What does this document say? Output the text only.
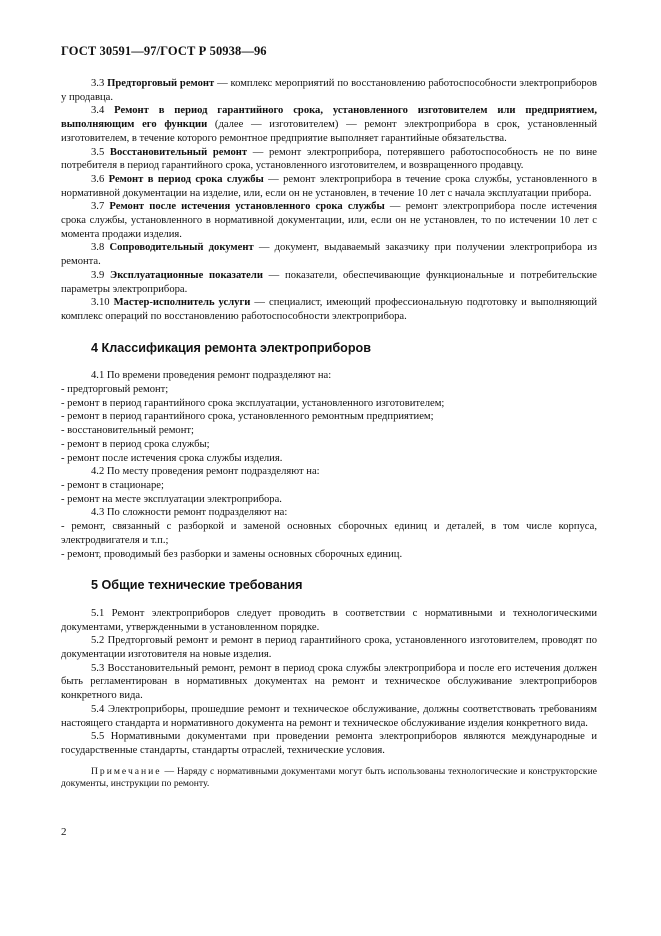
ГОСТ 30591—97/ГОСТ Р 50938—96

3.3 Предторговый ремонт — комплекс мероприятий по восстановлению работоспособности электроприборов у продавца.

3.4 Ремонт в период гарантийного срока, установленного изготовителем или предприятием, выполняющим его функции (далее — изготовителем) — ремонт электроприбора в срок, установленный изготовителем, в течение которого ремонтное предприятие выполняет гарантийные обязательства.

3.5 Восстановительный ремонт — ремонт электроприбора, потерявшего работоспособность не по вине потребителя в период гарантийного срока, установленного изготовителем, и возвращенного продавцу.

3.6 Ремонт в период срока службы — ремонт электроприбора в течение срока службы, установленного в нормативной документации на изделие, или, если он не установлен, в течение 10 лет с начала эксплуатации прибора.

3.7 Ремонт после истечения установленного срока службы — ремонт электроприбора после истечения срока службы, установленного в нормативной документации, или, если он не установлен, то по истечении 10 лет с момента продажи изделия.

3.8 Сопроводительный документ — документ, выдаваемый заказчику при получении электроприбора из ремонта.

3.9 Эксплуатационные показатели — показатели, обеспечивающие функциональные и потребительские параметры электроприбора.

3.10 Мастер-исполнитель услуги — специалист, имеющий профессиональную подготовку и выполняющий комплекс операций по восстановлению работоспособности электроприбора.

4 Классификация ремонта электроприборов

4.1 По времени проведения ремонт подразделяют на:

- предторговый ремонт;

- ремонт в период гарантийного срока эксплуатации, установленного изготовителем;

- ремонт в период гарантийного срока, установленного ремонтным предприятием;

- восстановительный ремонт;

- ремонт в период срока службы;

- ремонт после истечения срока службы изделия.

4.2 По месту проведения ремонт подразделяют на:

- ремонт в стационаре;

- ремонт на месте эксплуатации электроприбора.

4.3 По сложности ремонт подразделяют на:

- ремонт, связанный с разборкой и заменой основных сборочных единиц и деталей, в том числе корпуса, электродвигателя и т.п.;

- ремонт, проводимый без разборки и замены основных сборочных единиц.

5 Общие технические требования

5.1 Ремонт электроприборов следует проводить в соответствии с нормативными и технологическими документами, утвержденными в установленном порядке.

5.2 Предторговый ремонт и ремонт в период гарантийного срока, установленного изготовителем, проводят по документации изготовителя на новые изделия.

5.3 Восстановительный ремонт, ремонт в период срока службы электроприбора и после его истечения должен быть регламентирован в нормативных документах на ремонт и техническое обслуживание электроприборов конкретного вида.

5.4 Электроприборы, прошедшие ремонт и техническое обслуживание, должны соответствовать требованиям настоящего стандарта и нормативного документа на ремонт и техническое обслуживание изделия конкретного вида.

5.5 Нормативными документами при проведении ремонта электроприборов являются международные и государственные стандарты, стандарты отраслей, технические условия.

Примечание — Наряду с нормативными документами могут быть использованы технологические и конструкторские документы, инструкции по ремонту.

2
